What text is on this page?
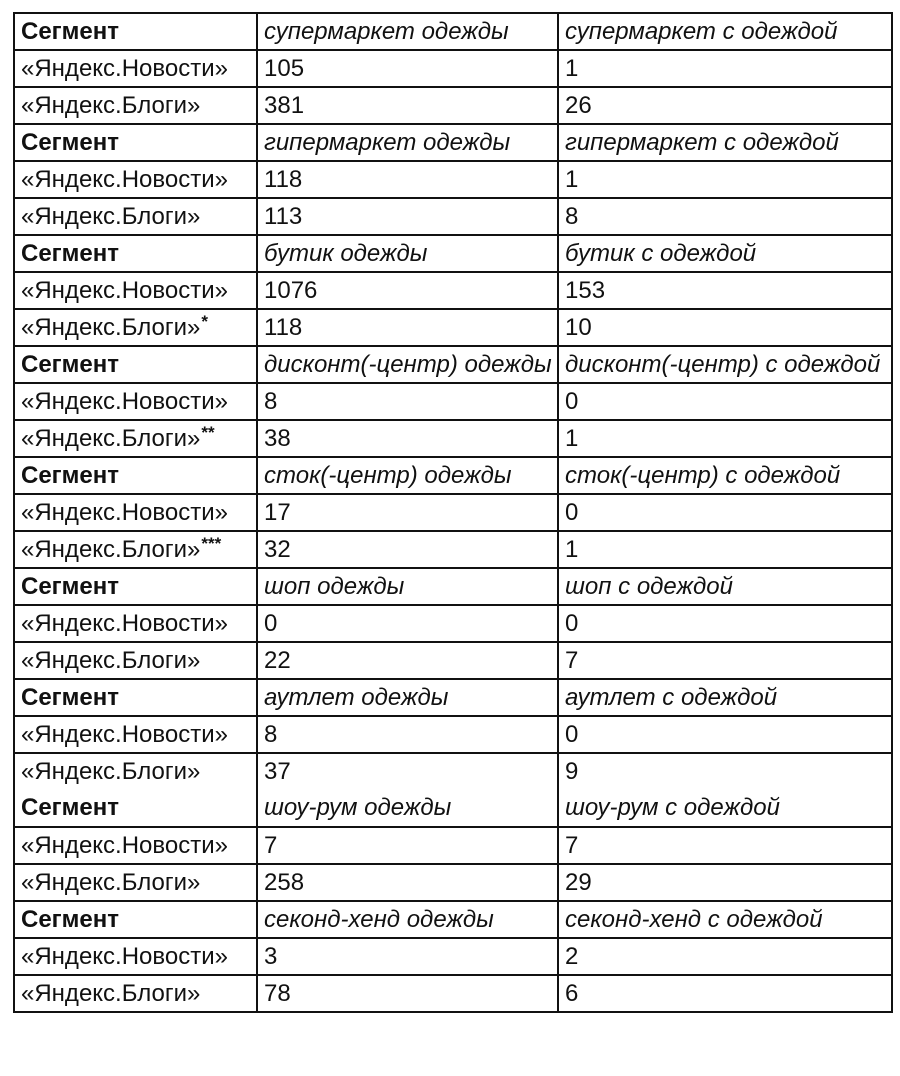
Сегмент	супермаркет одежды	супермаркет с одеждой
«Яндекс.Новости»	105	1
«Яндекс.Блоги»	381	26
Сегмент	гипермаркет одежды	гипермаркет с одеждой
«Яндекс.Новости»	118	1
«Яндекс.Блоги»	113	8
Сегмент	бутик одежды	бутик с одеждой
«Яндекс.Новости»	1076	153
«Яндекс.Блоги»*	118	10
Сегмент	дисконт(-центр) одежды	дисконт(-центр) с одеждой
«Яндекс.Новости»	8	0
«Яндекс.Блоги»**	38	1
Сегмент	сток(-центр) одежды	сток(-центр) с одеждой
«Яндекс.Новости»	17	0
«Яндекс.Блоги»***	32	1
Сегмент	шоп одежды	шоп с одеждой
«Яндекс.Новости»	0	0
«Яндекс.Блоги»	22	7
Сегмент	аутлет одежды	аутлет с одеждой
«Яндекс.Новости»	8	0
«Яндекс.Блоги»	37	9
Сегмент	шоу-рум одежды	шоу-рум с одеждой
«Яндекс.Новости»	7	7
«Яндекс.Блоги»	258	29
Сегмент	секонд-хенд одежды	секонд-хенд с одеждой
«Яндекс.Новости»	3	2
«Яндекс.Блоги»	78	6
